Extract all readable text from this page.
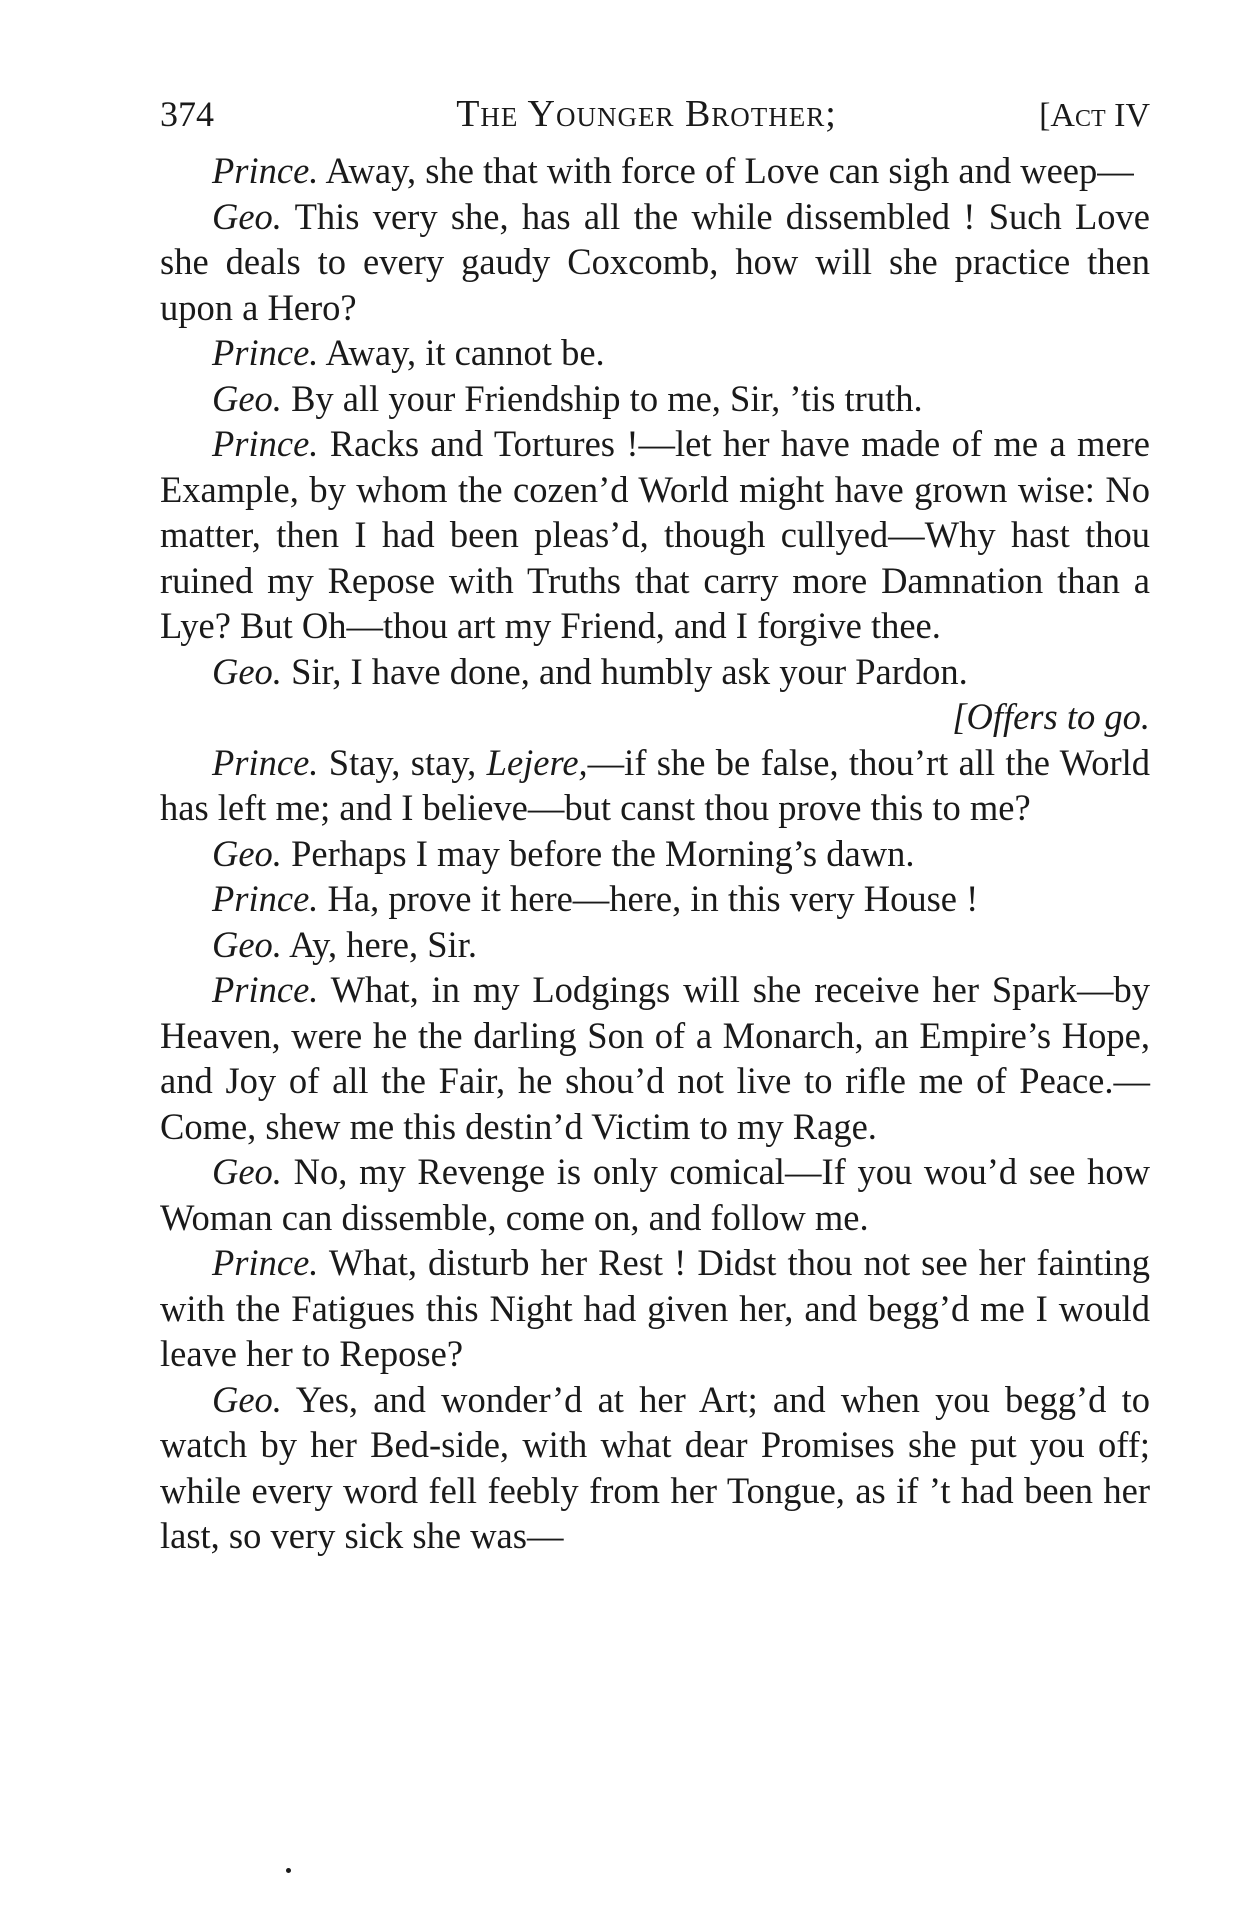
374	The Younger Brother;	[Act IV

Prince. Away, she that with force of Love can sigh and weep—

Geo. This very she, has all the while dissembled ! Such Love she deals to every gaudy Coxcomb, how will she practice then upon a Hero?

Prince. Away, it cannot be.

Geo. By all your Friendship to me, Sir, ’tis truth.

Prince. Racks and Tortures !—let her have made of me a mere Example, by whom the cozen’d World might have grown wise: No matter, then I had been pleas’d, though cullyed—Why hast thou ruined my Repose with Truths that carry more Damnation than a Lye? But Oh—thou art my Friend, and I forgive thee.

Geo. Sir, I have done, and humbly ask your Pardon.

[Offers to go.

Prince. Stay, stay, Lejere,—if she be false, thou’rt all the World has left me; and I believe—but canst thou prove this to me?

Geo. Perhaps I may before the Morning’s dawn.

Prince. Ha, prove it here—here, in this very House !

Geo. Ay, here, Sir.

Prince. What, in my Lodgings will she receive her Spark—by Heaven, were he the darling Son of a Monarch, an Empire’s Hope, and Joy of all the Fair, he shou’d not live to rifle me of Peace.—Come, shew me this destin’d Victim to my Rage.

Geo. No, my Revenge is only comical—If you wou’d see how Woman can dissemble, come on, and follow me.

Prince. What, disturb her Rest ! Didst thou not see her fainting with the Fatigues this Night had given her, and begg’d me I would leave her to Repose?

Geo. Yes, and wonder’d at her Art; and when you begg’d to watch by her Bed-side, with what dear Promises she put you off; while every word fell feebly from her Tongue, as if ’t had been her last, so very sick she was—
